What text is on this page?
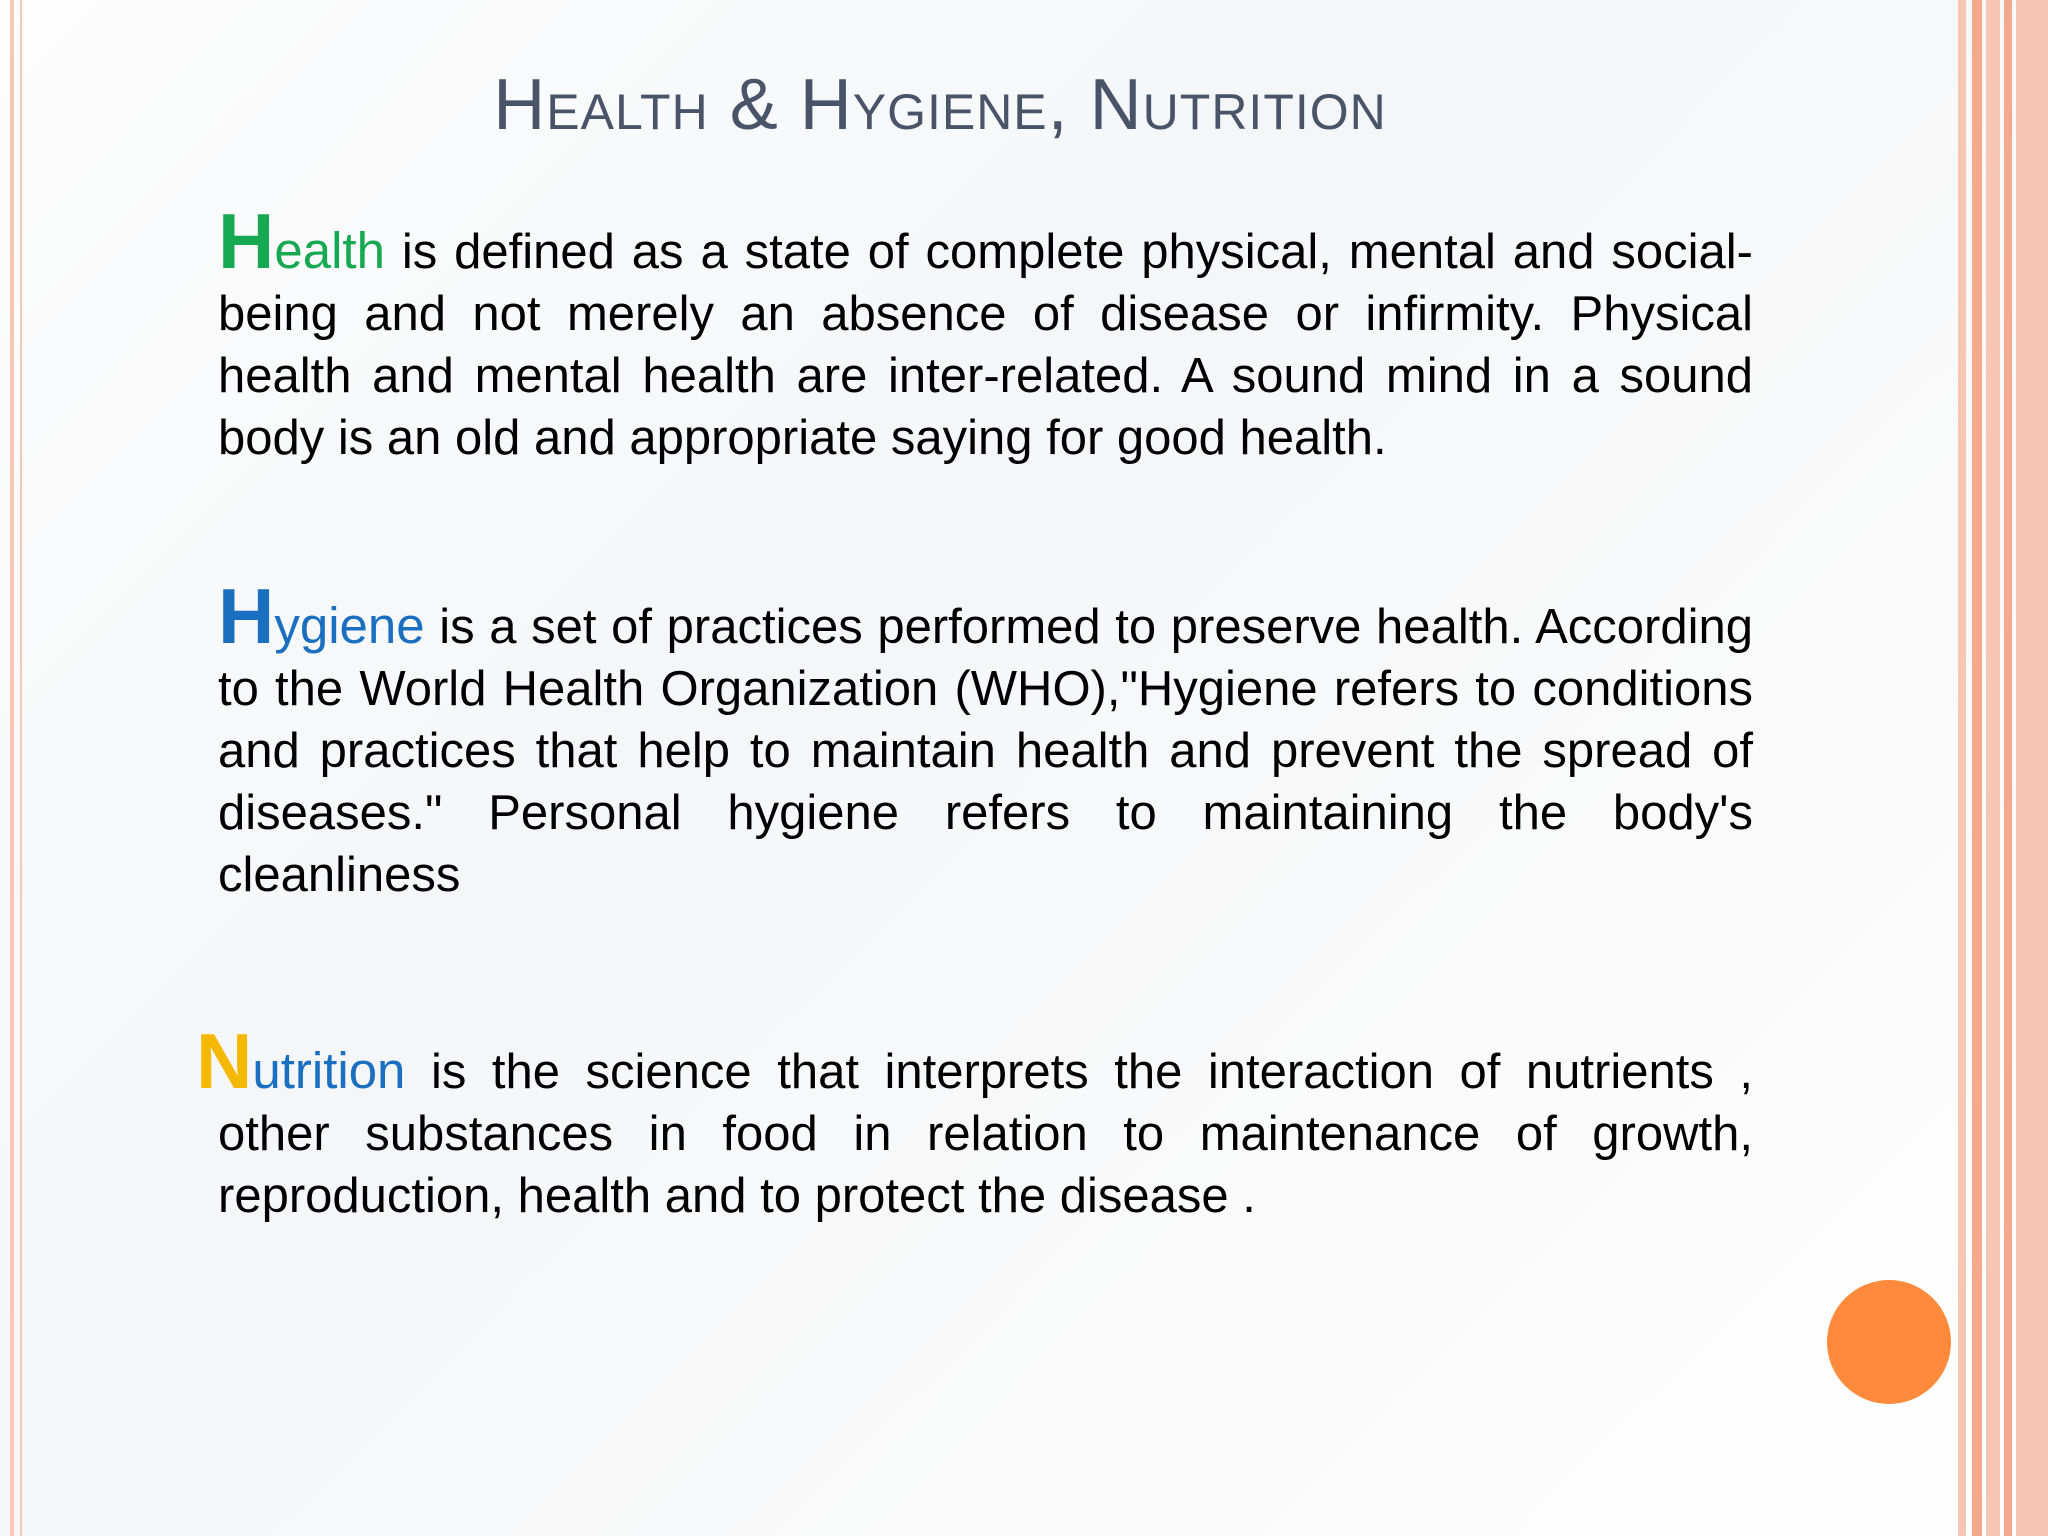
Health & Hygiene, Nutrition
Health is defined as a state of complete physical, mental and social-being and not merely an absence of disease or infirmity. Physical health and mental health are inter-related. A sound mind in a sound body is an old and appropriate saying for good health.
Hygiene is a set of practices performed to preserve health. According to the World Health Organization (WHO),"Hygiene refers to conditions and practices that help to maintain health and prevent the spread of diseases." Personal hygiene refers to maintaining the body's cleanliness
Nutrition is the science that interprets the interaction of nutrients , other substances in food in relation to maintenance of growth, reproduction, health and to protect the disease .
